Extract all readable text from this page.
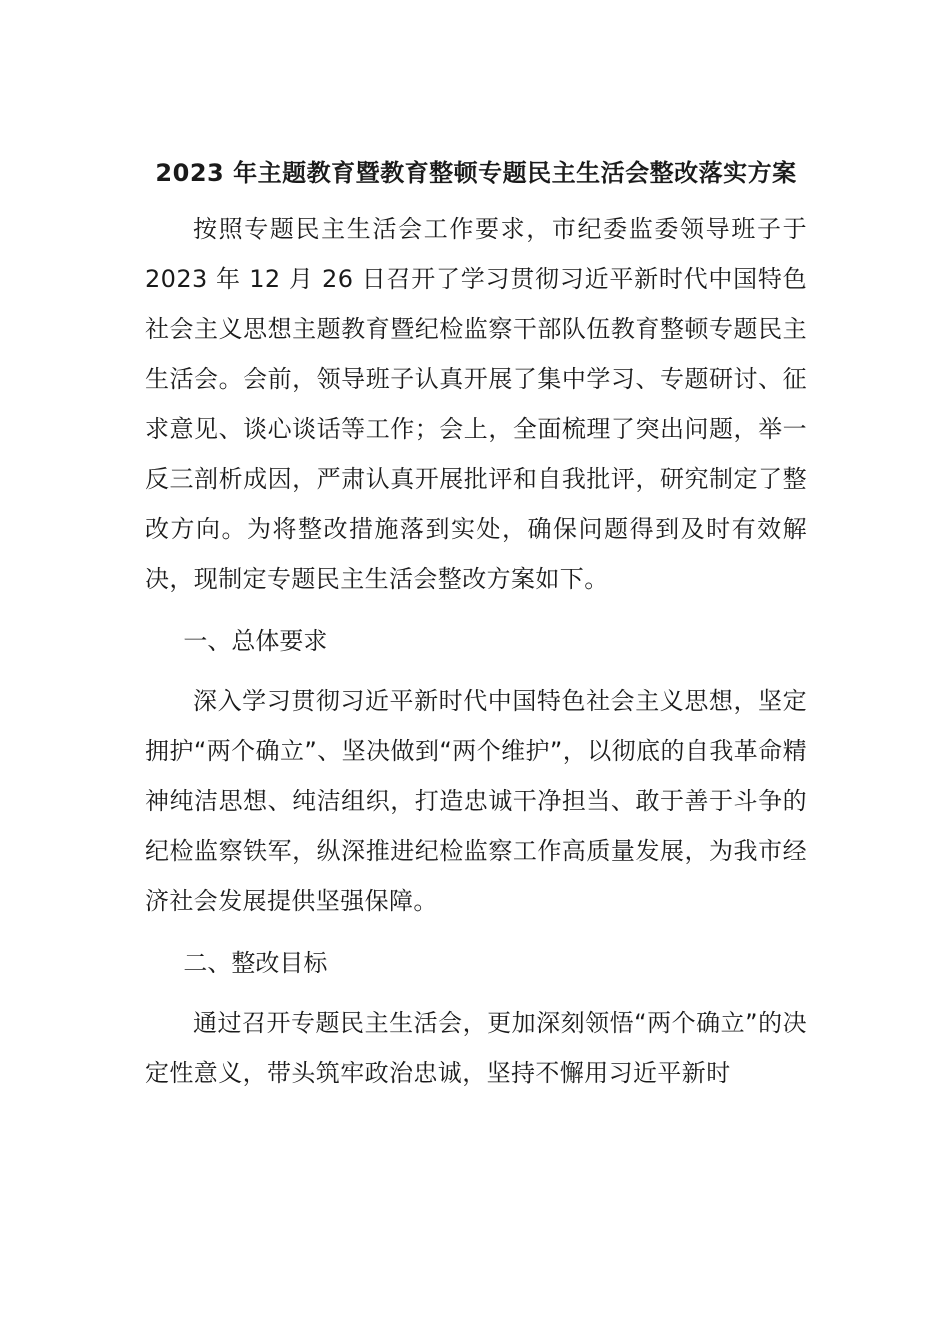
2023 年主题教育暨教育整顿专题民主生活会整改落实方案

按照专题民主生活会工作要求，市纪委监委领导班子于 2023 年 12 月 26 日召开了学习贯彻习近平新时代中国特色社会主义思想主题教育暨纪检监察干部队伍教育整顿专题民主生活会。会前，领导班子认真开展了集中学习、专题研讨、征求意见、谈心谈话等工作；会上，全面梳理了突出问题，举一反三剖析成因，严肃认真开展批评和自我批评，研究制定了整改方向。为将整改措施落到实处，确保问题得到及时有效解决，现制定专题民主生活会整改方案如下。

一、总体要求

深入学习贯彻习近平新时代中国特色社会主义思想，坚定拥护“两个确立”、坚决做到“两个维护”，以彻底的自我革命精神纯洁思想、纯洁组织，打造忠诚干净担当、敢于善于斗争的纪检监察铁军，纵深推进纪检监察工作高质量发展，为我市经济社会发展提供坚强保障。

二、整改目标

通过召开专题民主生活会，更加深刻领悟“两个确立”的决定性意义，带头筑牢政治忠诚，坚持不懈用习近平新时
